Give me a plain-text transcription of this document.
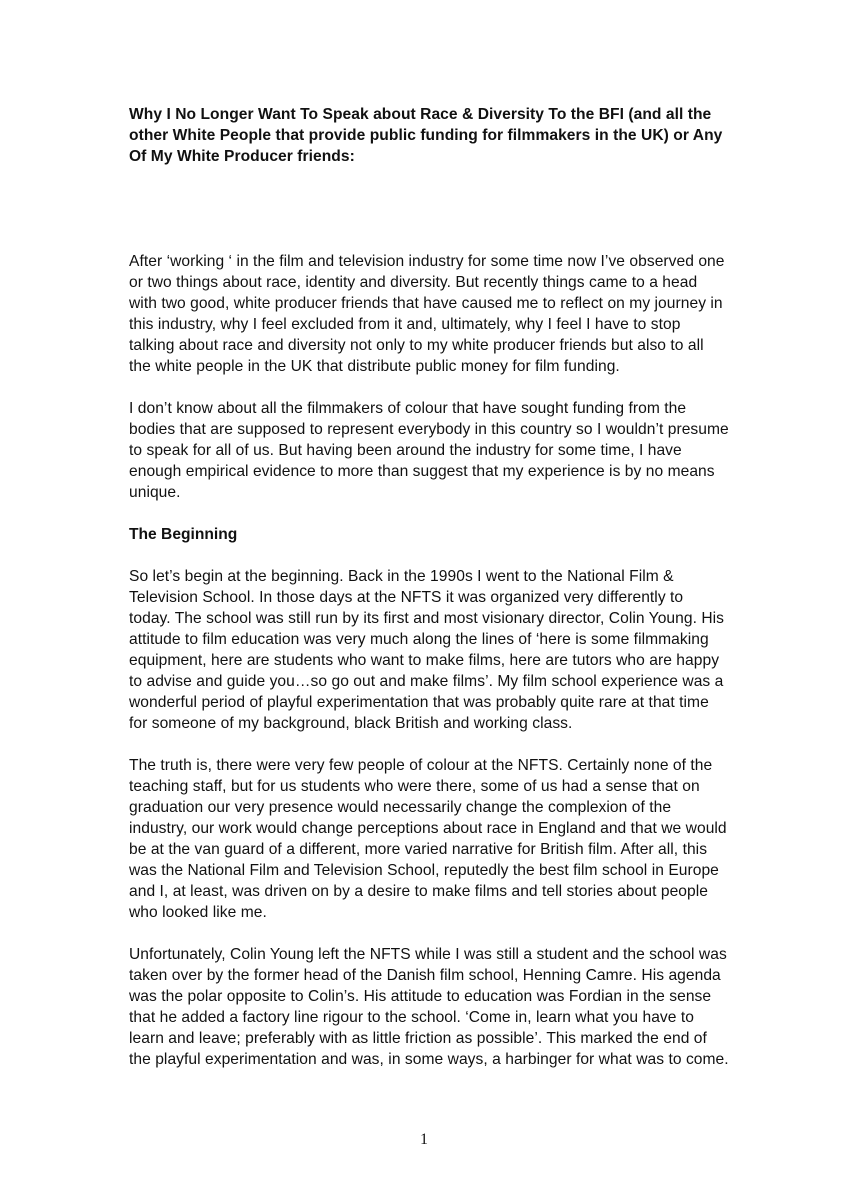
Why I No Longer Want To Speak about Race & Diversity To the BFI (and all the other White People that provide public funding for filmmakers in the UK) or Any Of My White Producer friends:

After ‘working ‘ in the film and television industry for some time now I’ve observed one or two things about race, identity and diversity. But recently things came to a head with two good, white producer friends that have caused me to reflect on my journey in this industry, why I feel excluded from it and, ultimately, why I feel I have to stop talking about race and diversity not only to my white producer friends but also to all the white people in the UK that distribute public money for film funding.

I don’t know about all the filmmakers of colour that have sought funding from the bodies that are supposed to represent everybody in this country so I wouldn’t presume to speak for all of us. But having been around the industry for some time, I have enough empirical evidence to more than suggest that my experience is by no means unique.

The Beginning

So let’s begin at the beginning. Back in the 1990s I went to the National Film & Television School. In those days at the NFTS it was organized very differently to today. The school was still run by its first and most visionary director, Colin Young. His attitude to film education was very much along the lines of ‘here is some filmmaking equipment, here are students who want to make films, here are tutors who are happy to advise and guide you…so go out and make films’. My film school experience was a wonderful period of playful experimentation that was probably quite rare at that time for someone of my background, black British and working class.

The truth is, there were very few people of colour at the NFTS. Certainly none of the teaching staff, but for us students who were there, some of us had a sense that on graduation our very presence would necessarily change the complexion of the industry, our work would change perceptions about race in England and that we would be at the van guard of a different, more varied narrative for British film. After all, this was the National Film and Television School, reputedly the best film school in Europe and I, at least, was driven on by a desire to make films and tell stories about people who looked like me.

Unfortunately, Colin Young left the NFTS while I was still a student and the school was taken over by the former head of the Danish film school, Henning Camre. His agenda was the polar opposite to Colin’s. His attitude to education was Fordian in the sense that he added a factory line rigour to the school. ‘Come in, learn what you have to learn and leave; preferably with as little friction as possible’. This marked the end of the playful experimentation and was, in some ways, a harbinger for what was to come.

1
